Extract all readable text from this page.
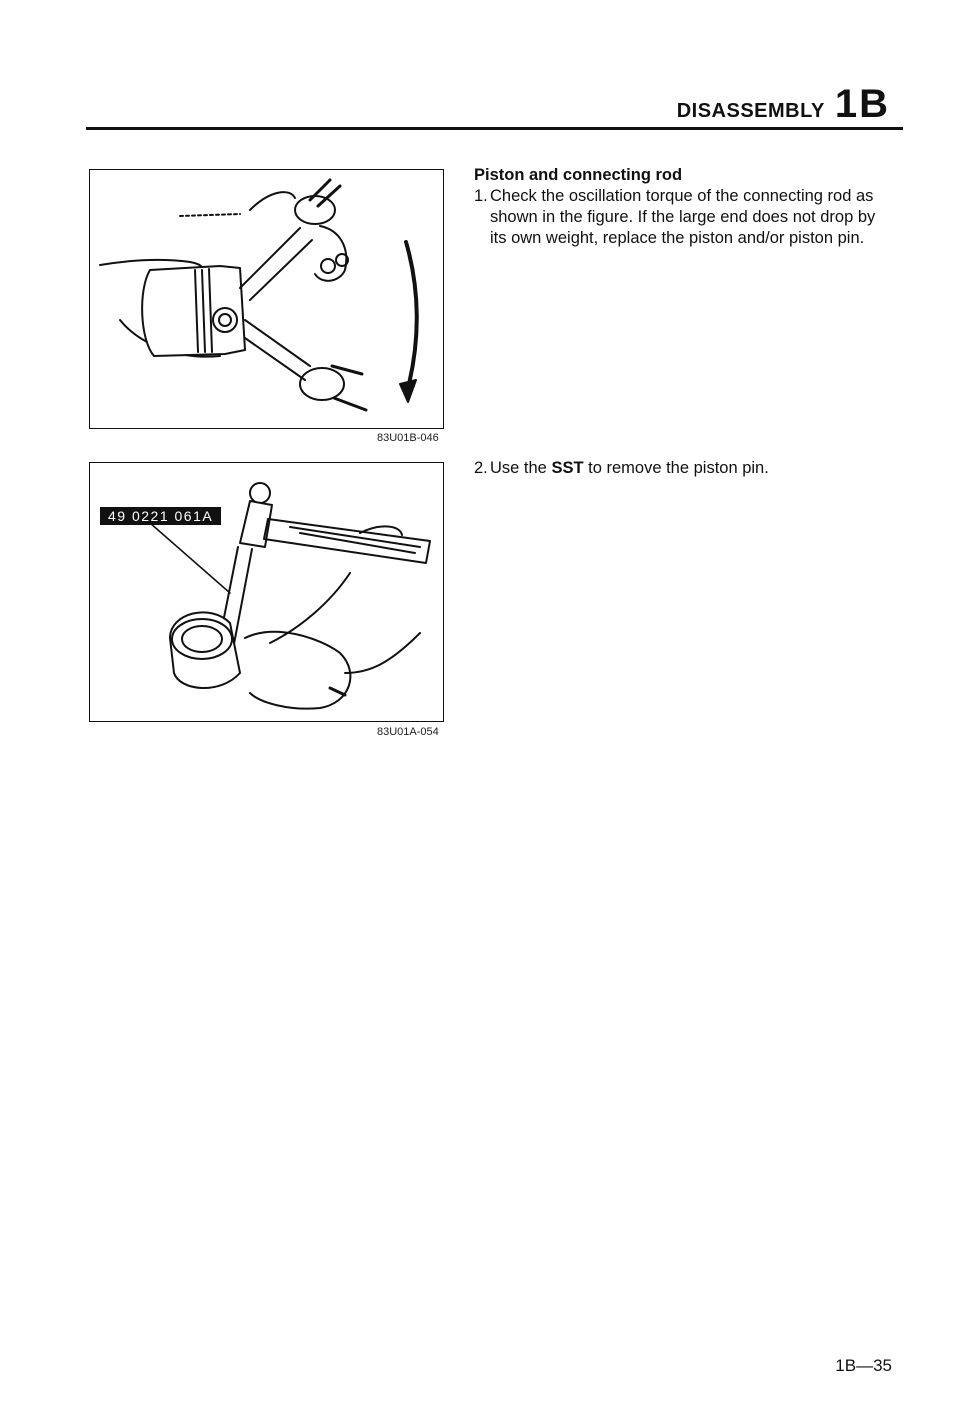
DISASSEMBLY 1B
83U01B-046
49 0221 061A
83U01A-054
Piston and connecting rod
1. Check the oscillation torque of the connecting rod as shown in the figure. If the large end does not drop by its own weight, replace the piston and/or piston pin.
2. Use the SST to remove the piston pin.
1B—35
